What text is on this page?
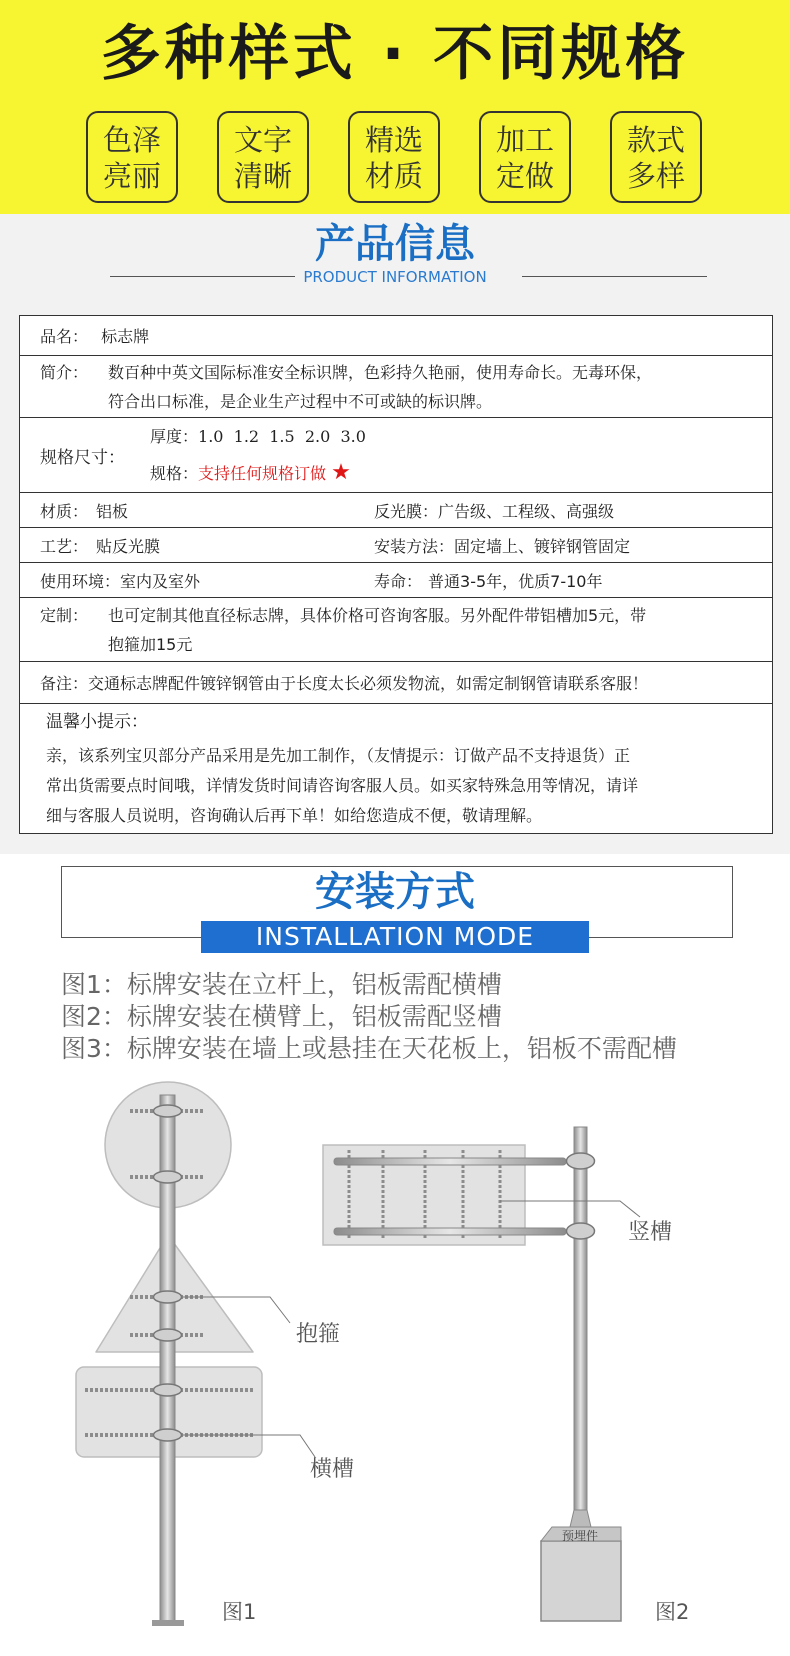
多种样式 · 不同规格
色泽
亮丽
文字
清晰
精选
材质
加工
定做
款式
多样
产品信息
PRODUCT INFORMATION
品名： 标志牌	

简介： 数百种中英文国际标准安全标识牌，色彩持久艳丽，使用寿命长。无毒环保，
符合出口标准，是企业生产过程中不可或缺的标识牌。	

规格尺寸：
厚度：1.0  1.2  1.5  2.0  3.0
规格：支持任何规格订做 ★	

材质： 铝板	反光膜：广告级、工程级、高强级
工艺： 贴反光膜	安装方法：固定墙上、镀锌钢管固定
使用环境：室内及室外	寿命： 普通3-5年，优质7-10年

定制： 也可定制其他直径标志牌，具体价格可咨询客服。另外配件带铝槽加5元，带
抱箍加15元	

备注：交通标志牌配件镀锌钢管由于长度太长必须发物流，如需定制钢管请联系客服！	

温馨小提示：

亲，该系列宝贝部分产品采用是先加工制作，（友情提示：订做产品不支持退货）正

常出货需要点时间哦，详情发货时间请咨询客服人员。如买家特殊急用等情况，请详

细与客服人员说明，咨询确认后再下单！如给您造成不便，敬请理解。	

安装方式
INSTALLATION MODE
图1：标牌安装在立杆上，铝板需配横槽
图2：标牌安装在横臂上，铝板需配竖槽
图3：标牌安装在墙上或悬挂在天花板上，铝板不需配槽
抱箍
横槽
图1
竖槽
预埋件
图2
